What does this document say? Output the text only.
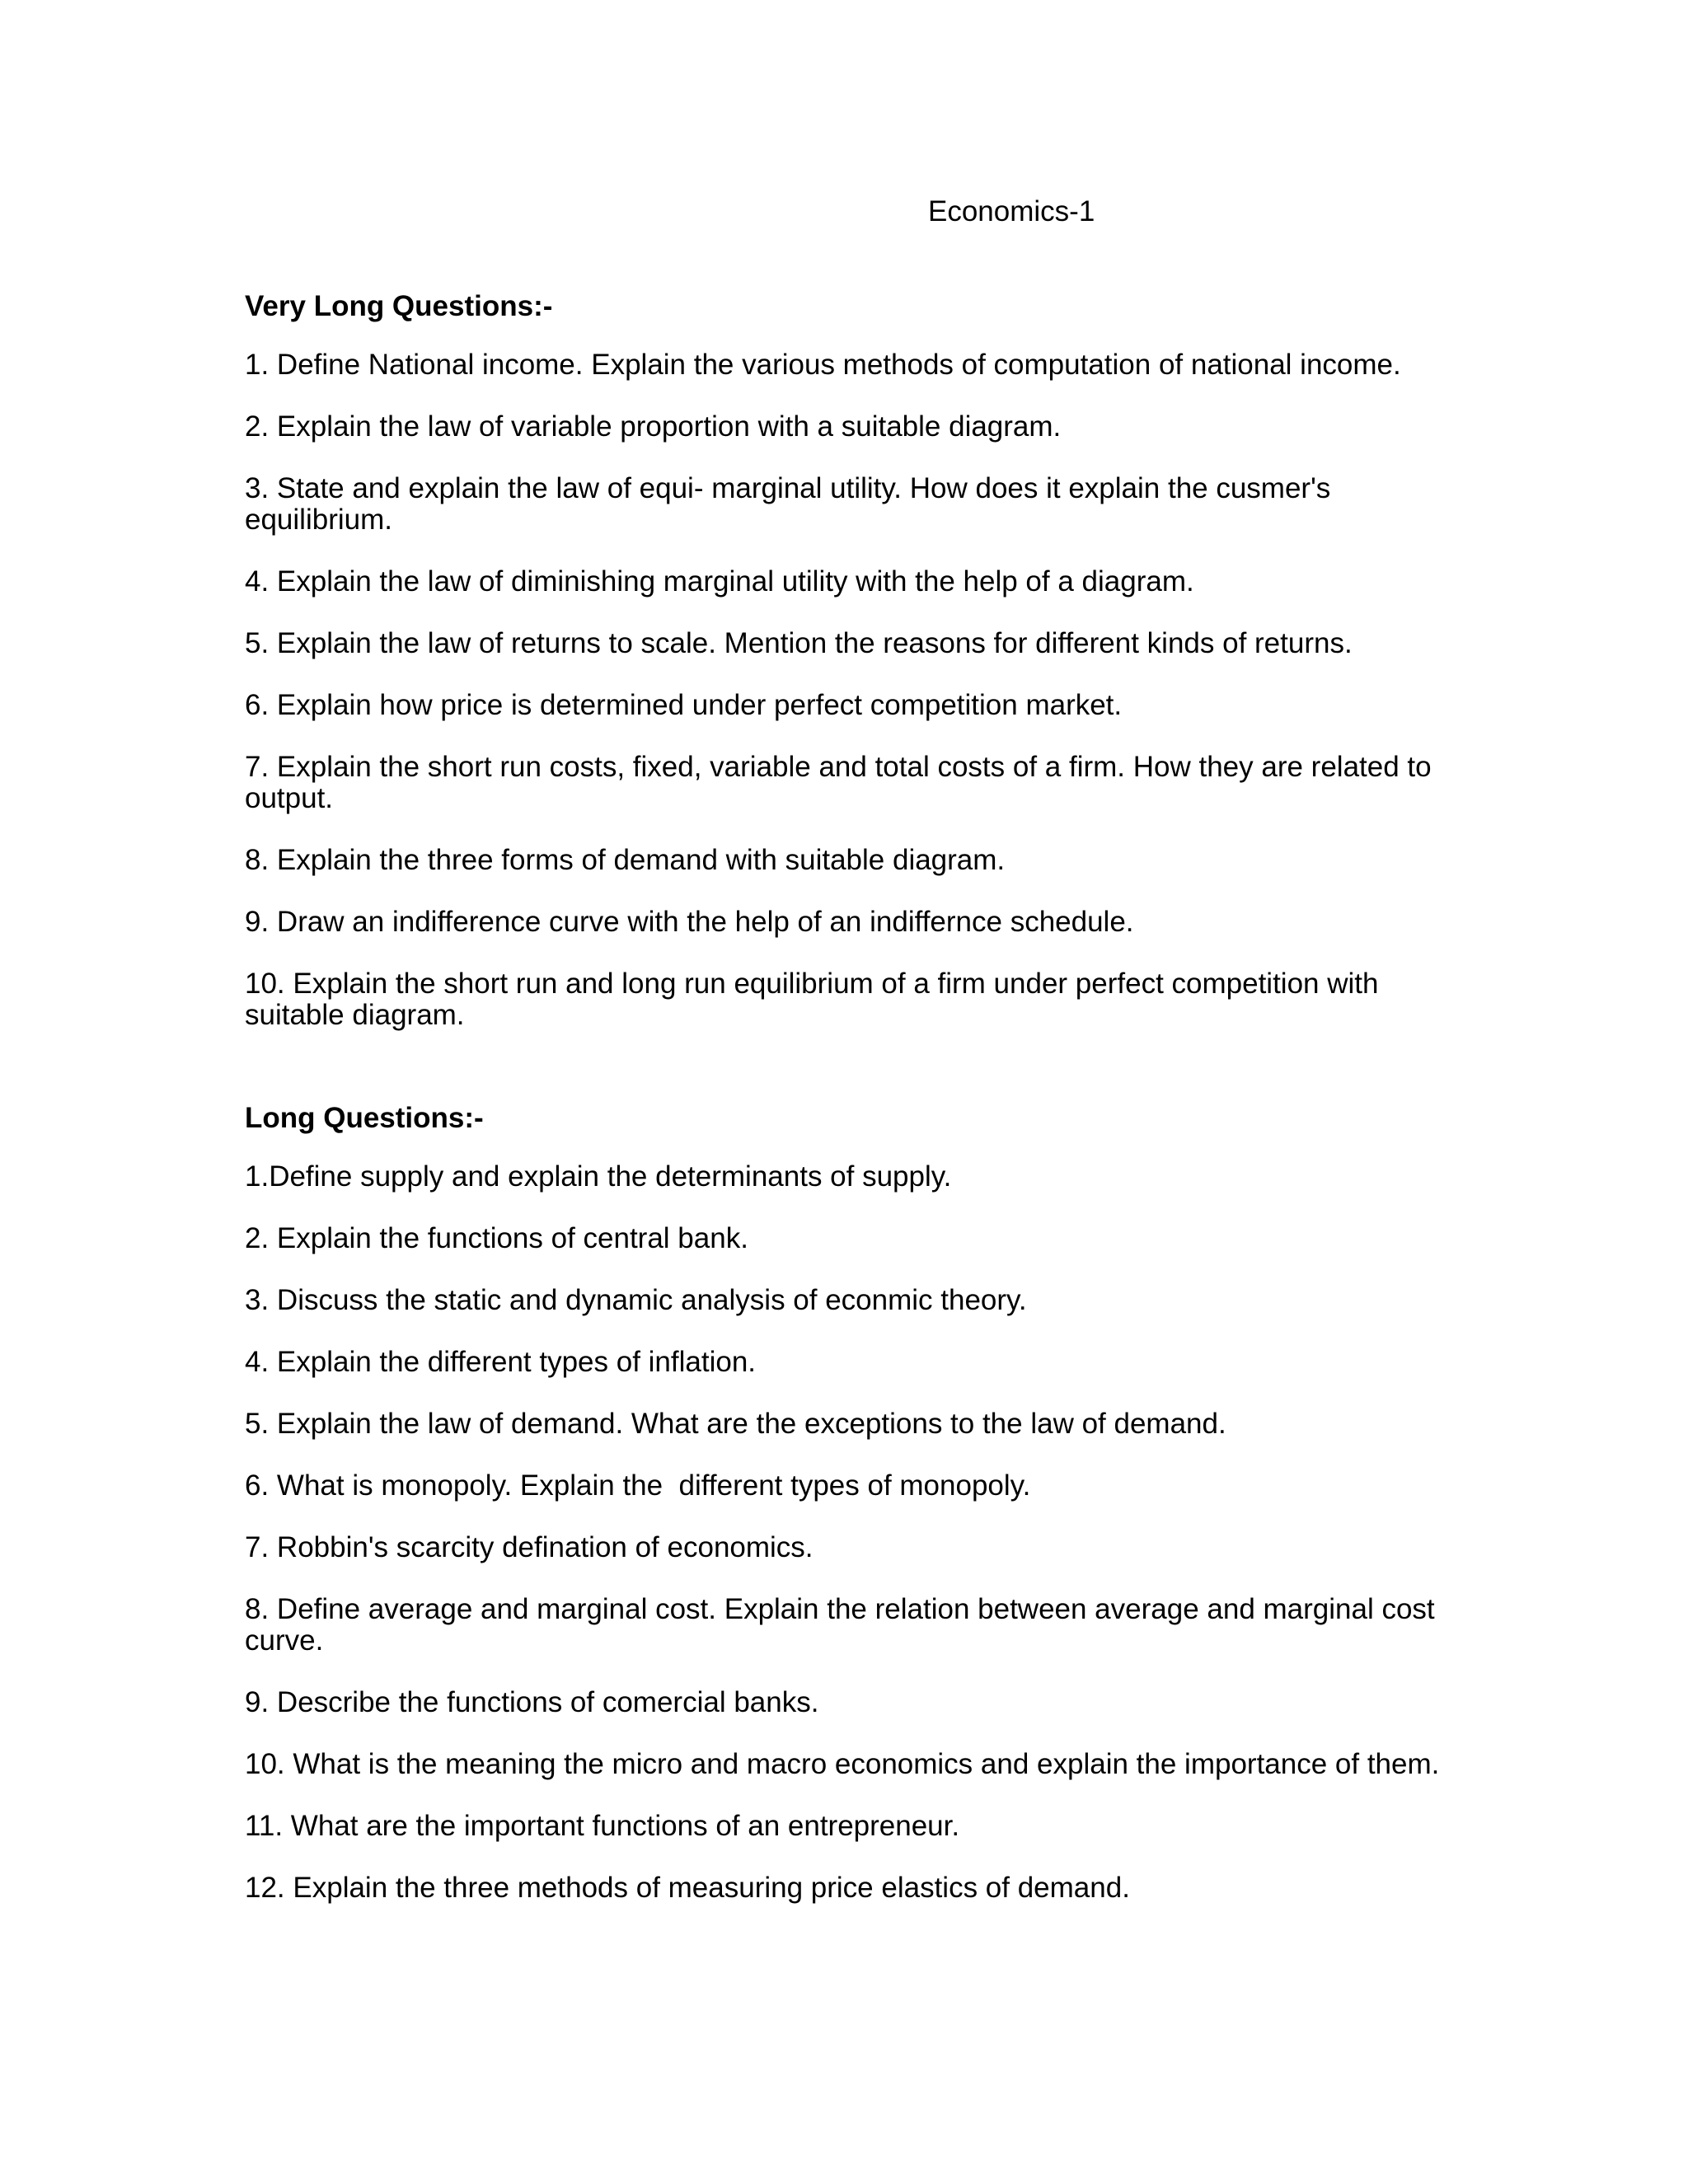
Economics-1
Very Long Questions:-
1. Define National income. Explain the various methods of computation of national income.
2. Explain the law of variable proportion with a suitable diagram.
3. State and explain the law of equi- marginal utility. How does it explain the cusmer's equilibrium.
4. Explain the law of diminishing marginal utility with the help of a diagram.
5. Explain the law of returns to scale. Mention the reasons for different kinds of returns.
6. Explain how price is determined under perfect competition market.
7. Explain the short run costs, fixed, variable and total costs of a firm. How they are related to output.
8. Explain the three forms of demand with suitable diagram.
9. Draw an indifference curve with the help of an indiffernce schedule.
10. Explain the short run and long run equilibrium of a firm under perfect competition with suitable diagram.
Long Questions:-
1.Define supply and explain the determinants of supply.
2. Explain the functions of central bank.
3. Discuss the static and dynamic analysis of econmic theory.
4. Explain the different types of inflation.
5. Explain the law of demand. What are the exceptions to the law of demand.
6. What is monopoly. Explain the  different types of monopoly.
7. Robbin's scarcity defination of economics.
8. Define average and marginal cost. Explain the relation between average and marginal cost curve.
9. Describe the functions of comercial banks.
10. What is the meaning the micro and macro economics and explain the importance of them.
11. What are the important functions of an entrepreneur.
12. Explain the three methods of measuring price elastics of demand.
